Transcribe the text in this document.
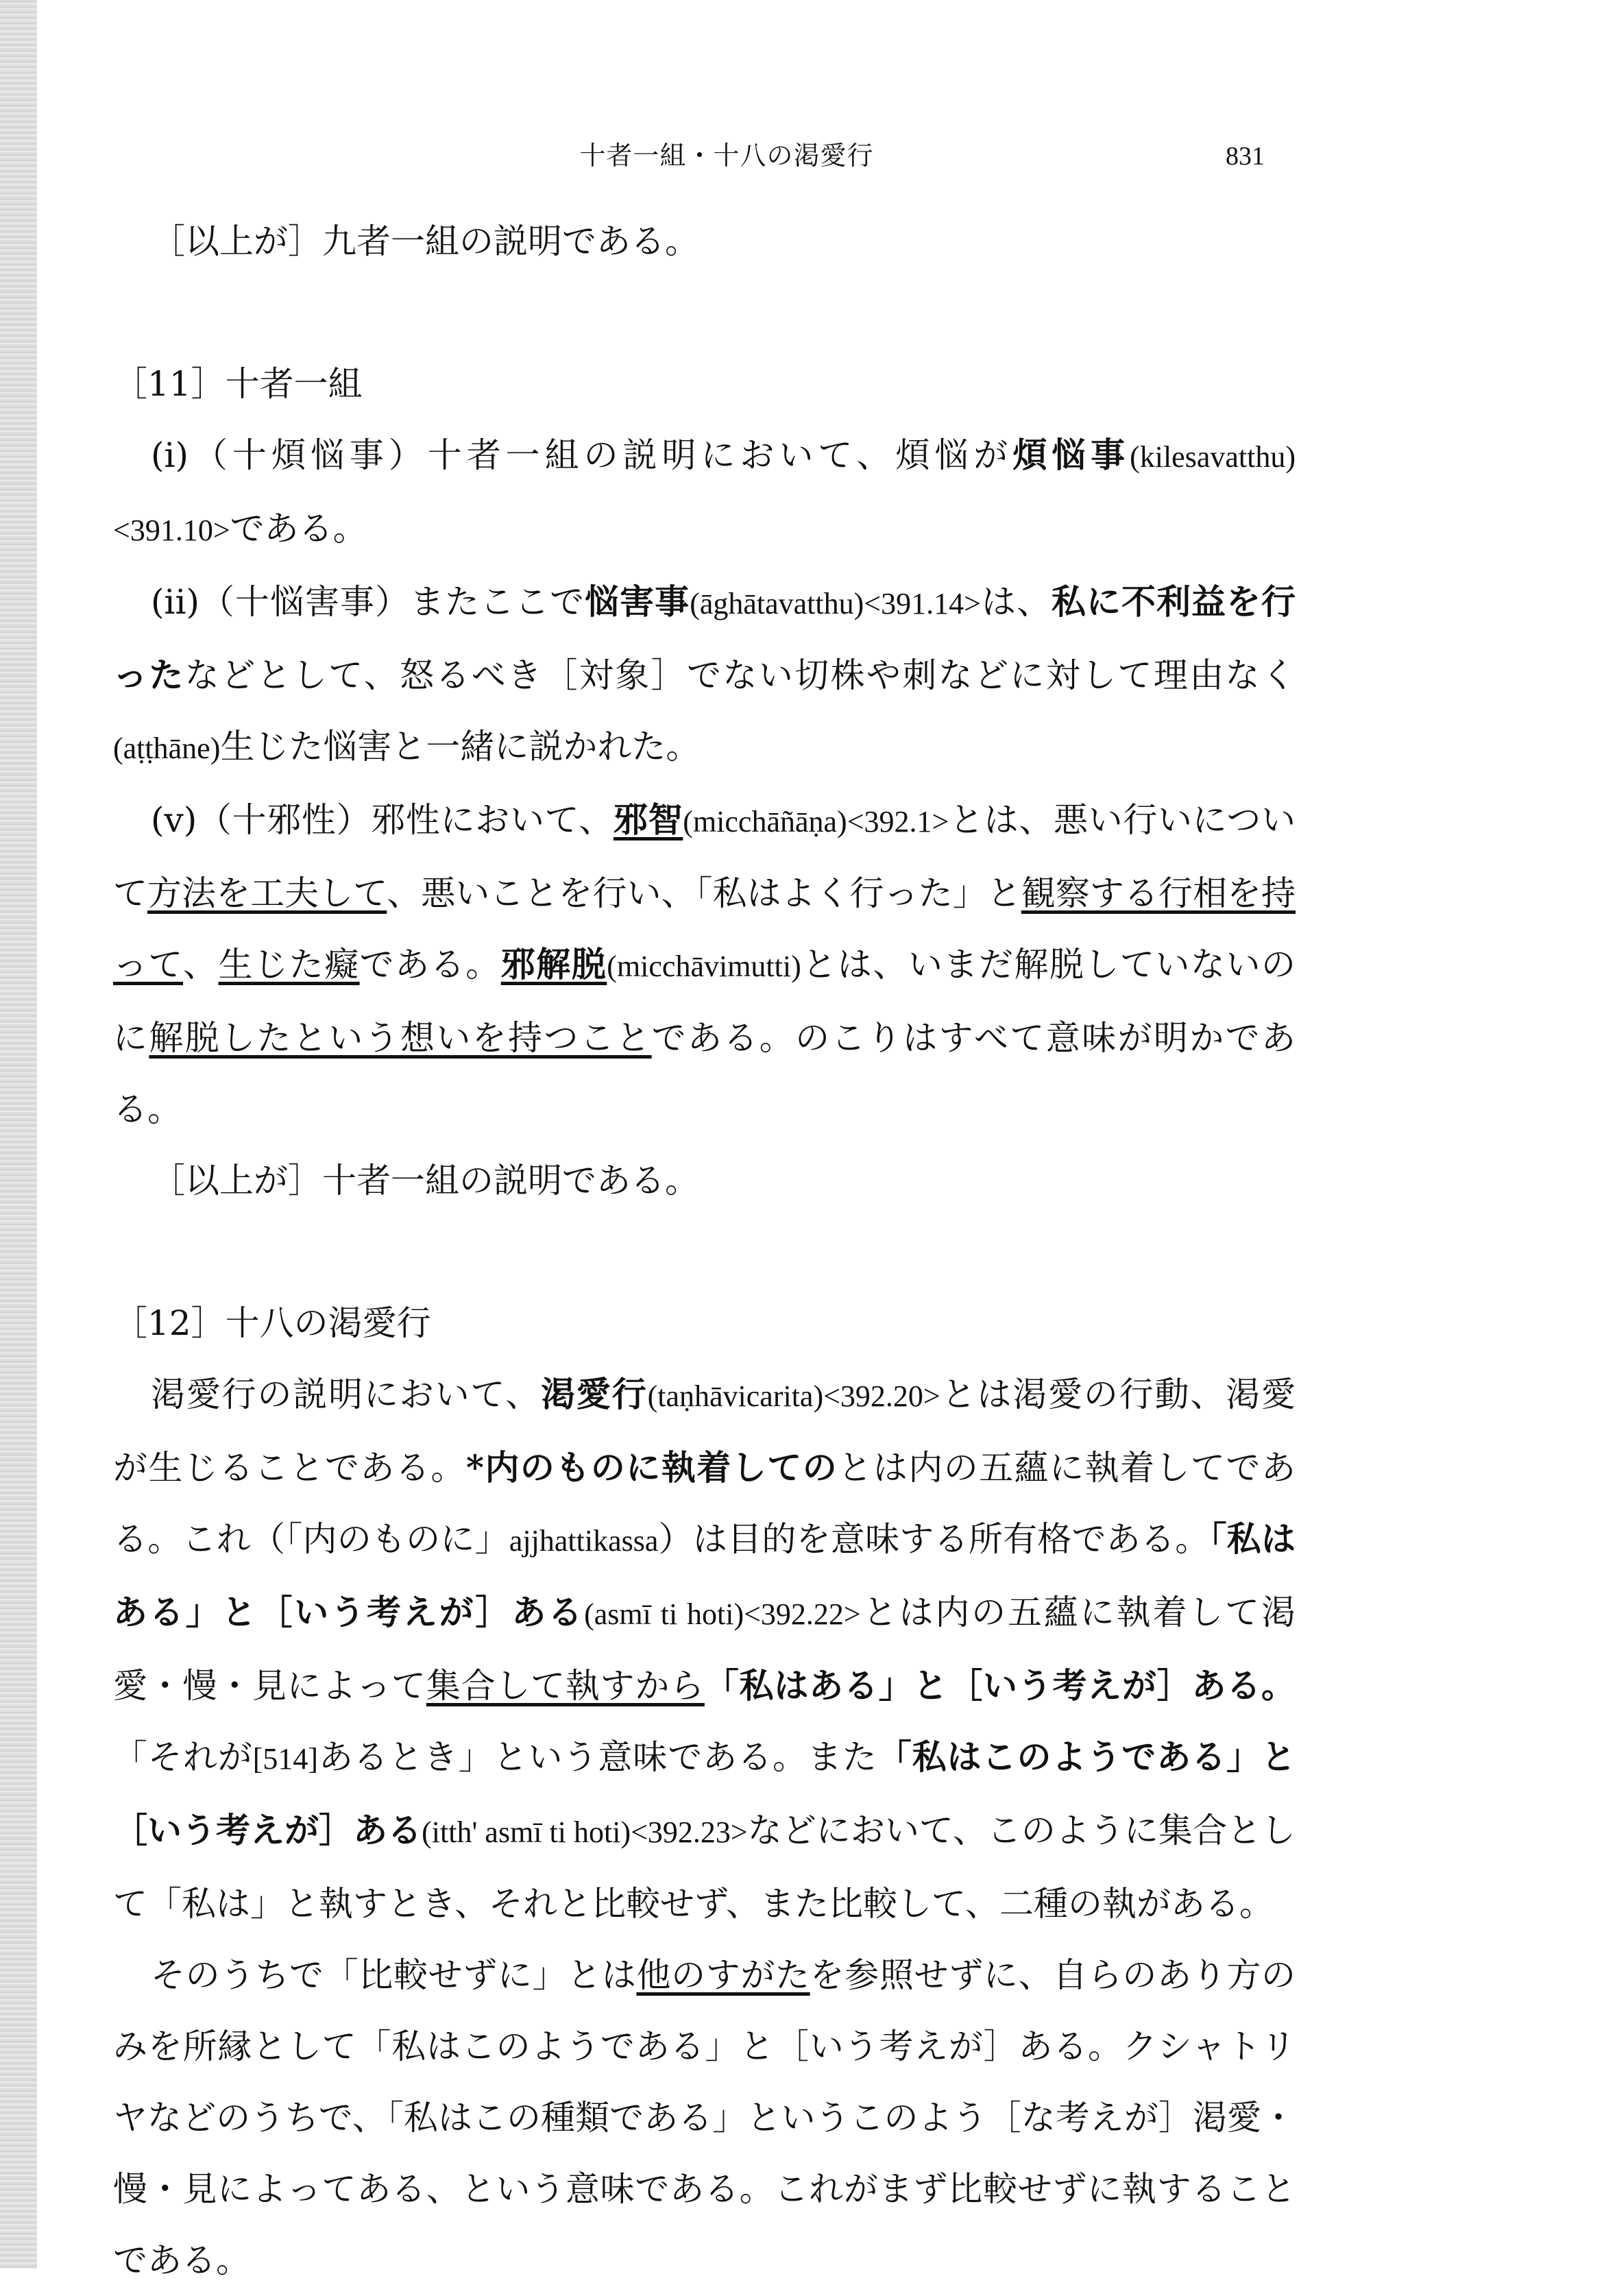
十者一組・十八の渇愛行	831

［以上が］九者一組の説明である。

［11］十者一組

(i)（十煩悩事）十者一組の説明において、煩悩が煩悩事(kilesavatthu) <391.10>である。

(ii)（十悩害事）またここで悩害事(āghātavatthu)<391.14>は、私に不利益を行ったなどとして、怒るべき［対象］でない切株や刺などに対して理由なく(aṭṭhāne)生じた悩害と一緒に説かれた。

(v)（十邪性）邪性において、邪智(micchāñāṇa)<392.1>とは、悪い行いについて方法を工夫して、悪いことを行い、「私はよく行った」と観察する行相を持って、生じた癡である。邪解脱(micchāvimutti)とは、いまだ解脱していないのに解脱したという想いを持つことである。のこりはすべて意味が明かである。

［以上が］十者一組の説明である。

［12］十八の渇愛行

渇愛行の説明において、渇愛行(taṇhāvicarita)<392.20>とは渇愛の行動、渇愛が生じることである。*内のものに執着してのとは内の五蘊に執着してである。これ（「内のものに」ajjhattikassa）は目的を意味する所有格である。「私はある」と［いう考えが］ある(asmī ti hoti)<392.22>とは内の五蘊に執着して渇愛・慢・見によって集合して執すから「私はある」と［いう考えが］ある。「それが[514]あるとき」という意味である。また「私はこのようである」と［いう考えが］ある(itth' asmī ti hoti)<392.23>などにおいて、このように集合として「私は」と執すとき、それと比較せず、また比較して、二種の執がある。

そのうちで「比較せずに」とは他のすがたを参照せずに、自らのあり方のみを所縁として「私はこのようである」と［いう考えが］ある。クシャトリヤなどのうちで、「私はこの種類である」というこのよう［な考えが］渇愛・慢・見によってある、という意味である。これがまず比較せずに執することである。
